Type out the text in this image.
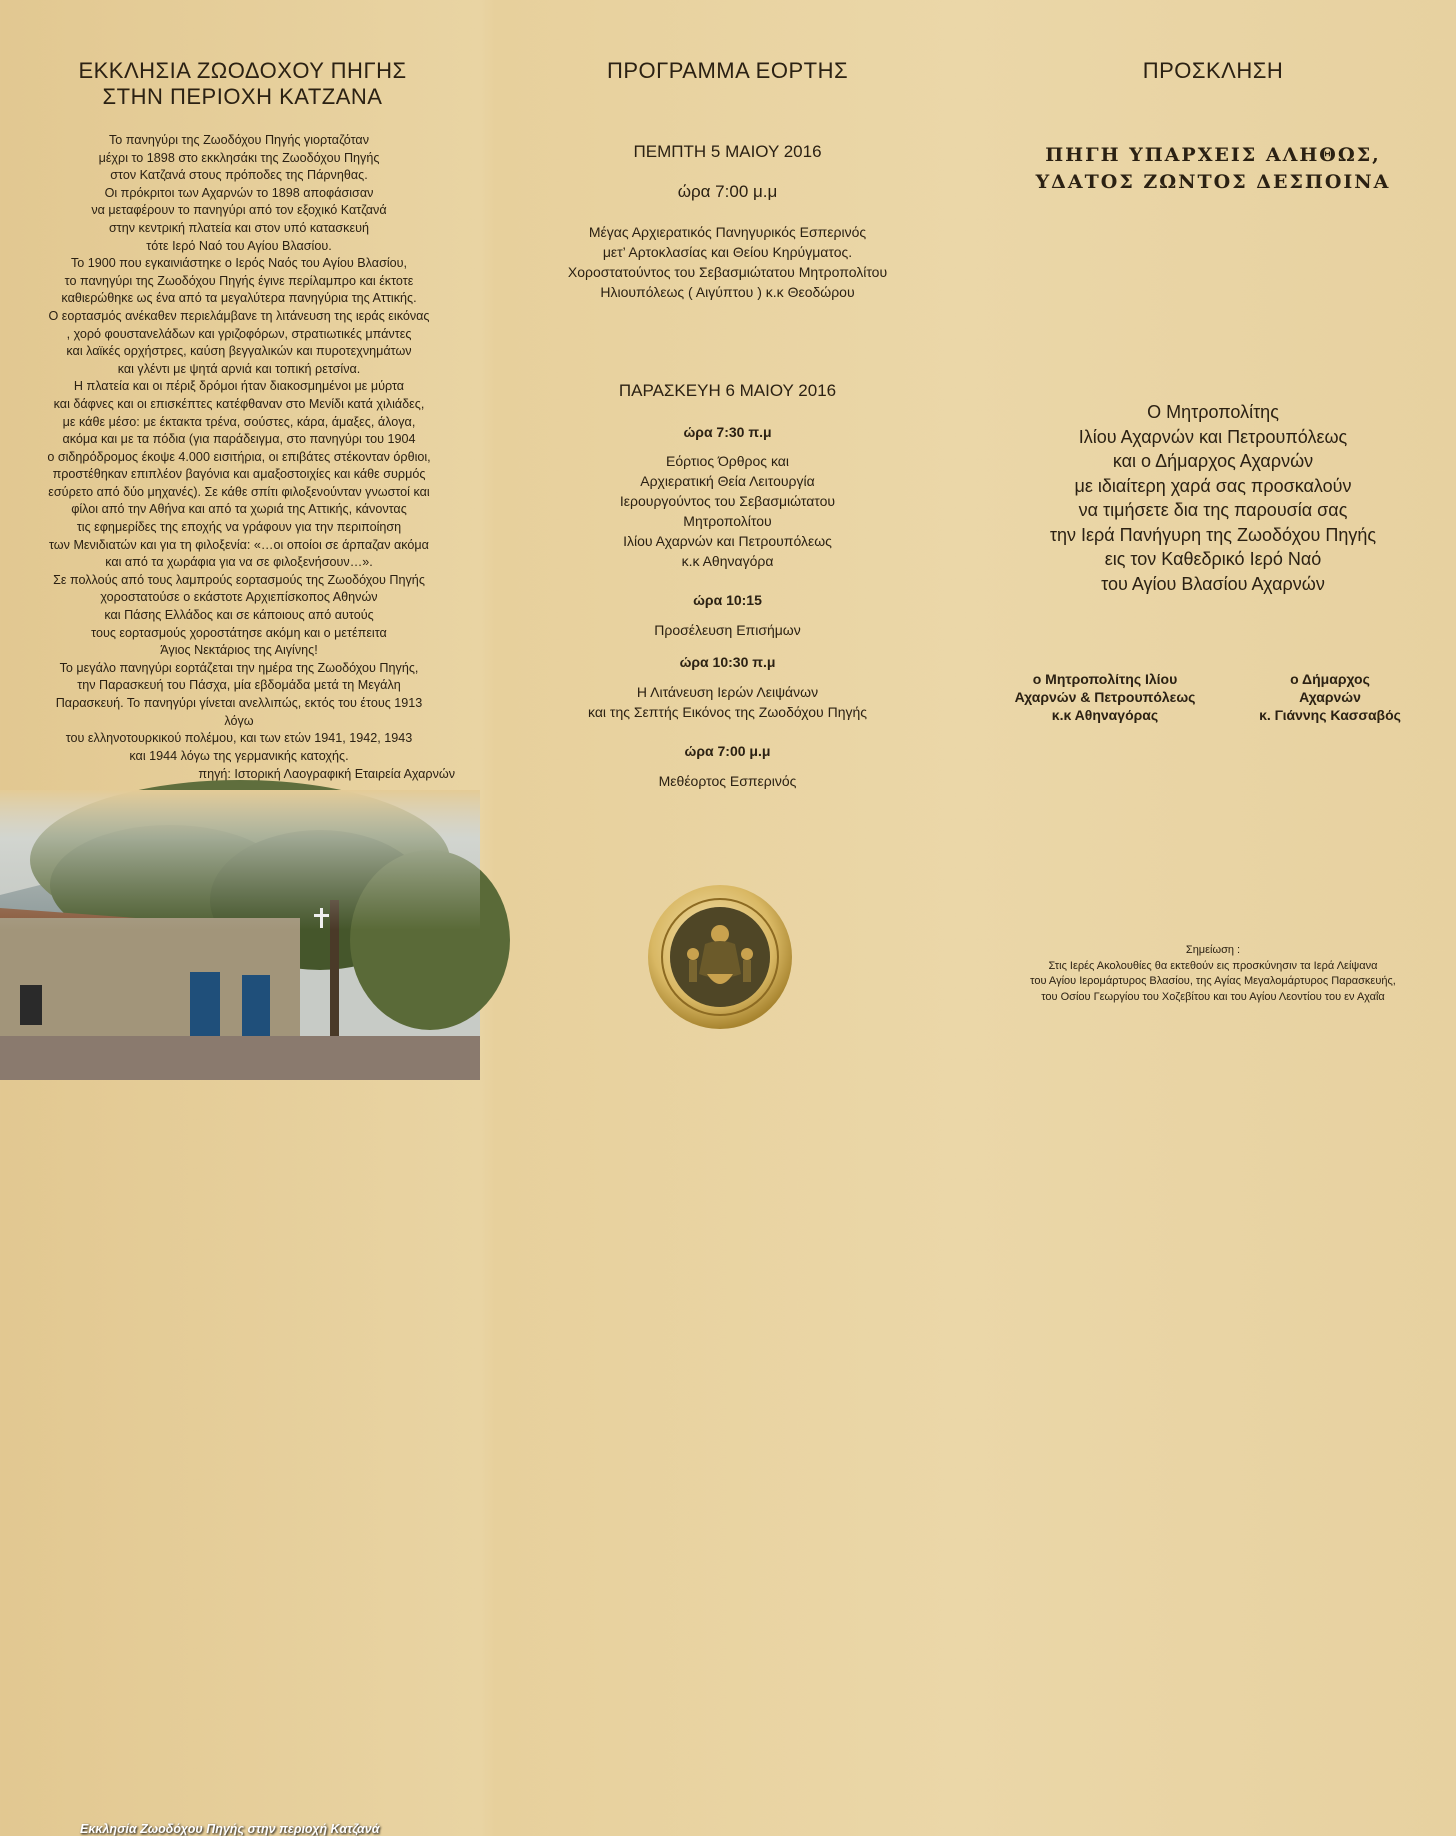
ΕΚΚΛΗΣΙΑ ΖΩΟΔΟΧΟΥ ΠΗΓΗΣ
ΣΤΗΝ ΠΕΡΙΟΧΗ ΚΑΤΖΑΝΑ
Το πανηγύρι της Ζωοδόχου Πηγής γιορταζόταν
μέχρι το 1898 στο εκκλησάκι της Ζωοδόχου Πηγής
στον Κατζανά στους πρόποδες της Πάρνηθας.
Οι πρόκριτοι των Αχαρνών το 1898 αποφάσισαν
να μεταφέρουν το πανηγύρι από τον εξοχικό Κατζανά
στην κεντρική πλατεία και στον υπό κατασκευή
τότε Ιερό Ναό του Αγίου Βλασίου.
Το 1900 που εγκαινιάστηκε ο Ιερός Ναός του Αγίου Βλασίου,
το πανηγύρι της Ζωοδόχου Πηγής έγινε περίλαμπρο και έκτοτε
καθιερώθηκε ως ένα από τα μεγαλύτερα πανηγύρια της Αττικής.
Ο εορτασμός ανέκαθεν περιελάμβανε τη λιτάνευση της ιεράς εικόνας
, χορό φουστανελάδων και γριζοφόρων, στρατιωτικές μπάντες
και λαϊκές ορχήστρες, καύση βεγγαλικών και πυροτεχνημάτων
και γλέντι με ψητά αρνιά και τοπική ρετσίνα.
Η πλατεία και οι πέριξ δρόμοι ήταν διακοσμημένοι με μύρτα
και δάφνες και οι επισκέπτες κατέφθαναν στο Μενίδι κατά χιλιάδες,
με κάθε μέσο: με έκτακτα τρένα, σούστες, κάρα, άμαξες, άλογα,
ακόμα και με τα πόδια (για παράδειγμα, στο πανηγύρι του 1904
ο σιδηρόδρομος έκοψε 4.000 εισιτήρια, οι επιβάτες στέκονταν όρθιοι,
προστέθηκαν επιπλέον βαγόνια και αμαξοστοιχίες και κάθε συρμός
εσύρετο από δύο μηχανές). Σε κάθε σπίτι φιλοξενούνταν γνωστοί και
φίλοι από την Αθήνα και από τα χωριά της Αττικής, κάνοντας
τις εφημερίδες της εποχής να γράφουν για την περιποίηση
των Μενιδιατών και για τη φιλοξενία: «…οι οποίοι σε άρπαζαν ακόμα
και από τα χωράφια για να σε φιλοξενήσουν…».
Σε πολλούς από τους λαμπρούς εορτασμούς της Ζωοδόχου Πηγής
χοροστατούσε ο εκάστοτε Αρχιεπίσκοπος Αθηνών
και Πάσης Ελλάδος και σε κάποιους από αυτούς
τους εορτασμούς χοροστάτησε ακόμη και ο μετέπειτα
Άγιος Νεκτάριος της Αιγίνης!
Το μεγάλο πανηγύρι εορτάζεται την ημέρα της Ζωοδόχου Πηγής,
την Παρασκευή του Πάσχα, μία εβδομάδα μετά τη Μεγάλη
Παρασκευή. Το πανηγύρι γίνεται ανελλιπώς, εκτός του έτους 1913
λόγω
του ελληνοτουρκικού πολέμου, και των ετών 1941, 1942, 1943
και 1944 λόγω της γερμανικής κατοχής.
πηγή: Ιστορική Λαογραφική Εταιρεία Αχαρνών
Εκκλησία Ζωοδόχου Πηγής στην περιοχή Κατζανά
ΠΡΟΓΡΑΜΜΑ ΕΟΡΤΗΣ
ΠΕΜΠΤΗ 5 ΜΑΙΟΥ 2016
ώρα 7:00 μ.μ
Μέγας Αρχιερατικός Πανηγυρικός Εσπερινός
μετ’ Αρτοκλασίας και Θείου Κηρύγματος.
Χοροστατούντος του Σεβασμιώτατου Μητροπολίτου
Ηλιουπόλεως ( Αιγύπτου ) κ.κ Θεοδώρου
ΠΑΡΑΣΚΕΥΗ 6 ΜΑΙΟΥ 2016
ώρα 7:30 π.μ
Εόρτιος Όρθρος και
Αρχιερατική Θεία Λειτουργία
Ιερουργούντος του Σεβασμιώτατου
Μητροπολίτου
Ιλίου Αχαρνών και Πετρουπόλεως
κ.κ Αθηναγόρα
ώρα 10:15
Προσέλευση Επισήμων
ώρα 10:30 π.μ
Η Λιτάνευση Ιερών Λειψάνων
και της Σεπτής Εικόνος της Ζωοδόχου Πηγής
ώρα 7:00 μ.μ
Μεθέορτος Εσπερινός
ΠΡΟΣΚΛΗΣΗ
ΠΗΓΗ ΥΠΑΡΧΕΙΣ ΑΛΗΘΩΣ,
ΥΔΑΤΟΣ ΖΩΝΤΟΣ ΔΕΣΠΟΙΝΑ
Ο Μητροπολίτης
Ιλίου Αχαρνών και Πετρουπόλεως
και ο Δήμαρχος Αχαρνών
με ιδιαίτερη χαρά σας προσκαλούν
να τιμήσετε δια της παρουσία σας
την Ιερά Πανήγυρη της Ζωοδόχου Πηγής
εις τον Καθεδρικό Ιερό Ναό
του Αγίου Βλασίου Αχαρνών
ο Μητροπολίτης Ιλίου
Αχαρνών & Πετρουπόλεως
κ.κ Αθηναγόρας
ο Δήμαρχος
Αχαρνών
κ. Γιάννης Κασσαβός
Σημείωση :
Στις Ιερές Ακολουθίες θα εκτεθούν εις προσκύνησιν τα Ιερά Λείψανα
του Αγίου Ιερομάρτυρος Βλασίου, της Αγίας Μεγαλομάρτυρος Παρασκευής,
του Οσίου Γεωργίου του Χοζεβίτου και του Αγίου Λεοντίου του εν Αχαΐα
